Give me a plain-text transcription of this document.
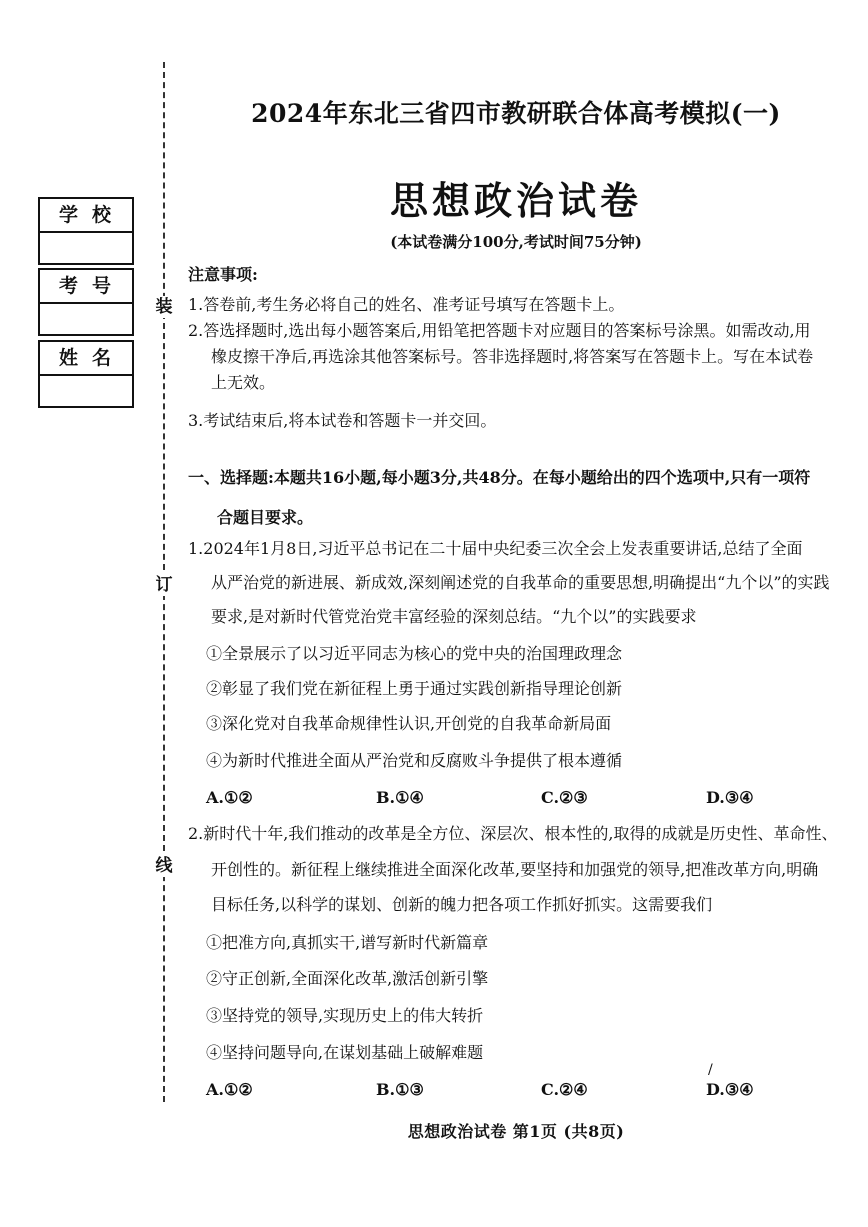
装
订
线
学校
考号
姓名
2024年东北三省四市教研联合体高考模拟(一)
思想政治试卷
(本试卷满分100分,考试时间75分钟)
注意事项:
1.答卷前,考生务必将自己的姓名、准考证号填写在答题卡上。
2.答选择题时,选出每小题答案后,用铅笔把答题卡对应题目的答案标号涂黑。如需改动,用
橡皮擦干净后,再选涂其他答案标号。答非选择题时,将答案写在答题卡上。写在本试卷
上无效。
3.考试结束后,将本试卷和答题卡一并交回。
一、选择题:本题共16小题,每小题3分,共48分。在每小题给出的四个选项中,只有一项符
合题目要求。
1.2024年1月8日,习近平总书记在二十届中央纪委三次全会上发表重要讲话,总结了全面
从严治党的新进展、新成效,深刻阐述党的自我革命的重要思想,明确提出“九个以”的实践
要求,是对新时代管党治党丰富经验的深刻总结。“九个以”的实践要求
①全景展示了以习近平同志为核心的党中央的治国理政理念
②彰显了我们党在新征程上勇于通过实践创新指导理论创新
③深化党对自我革命规律性认识,开创党的自我革命新局面
④为新时代推进全面从严治党和反腐败斗争提供了根本遵循
A.①②	B.①④	C.②③	D.③④
2.新时代十年,我们推动的改革是全方位、深层次、根本性的,取得的成就是历史性、革命性、
开创性的。新征程上继续推进全面深化改革,要坚持和加强党的领导,把准改革方向,明确
目标任务,以科学的谋划、创新的魄力把各项工作抓好抓实。这需要我们
①把准方向,真抓实干,谱写新时代新篇章
②守正创新,全面深化改革,激活创新引擎
③坚持党的领导,实现历史上的伟大转折
④坚持问题导向,在谋划基础上破解难题
A.①②	B.①③	C.②④	D.③④
/
思想政治试卷 第1页 (共8页)
